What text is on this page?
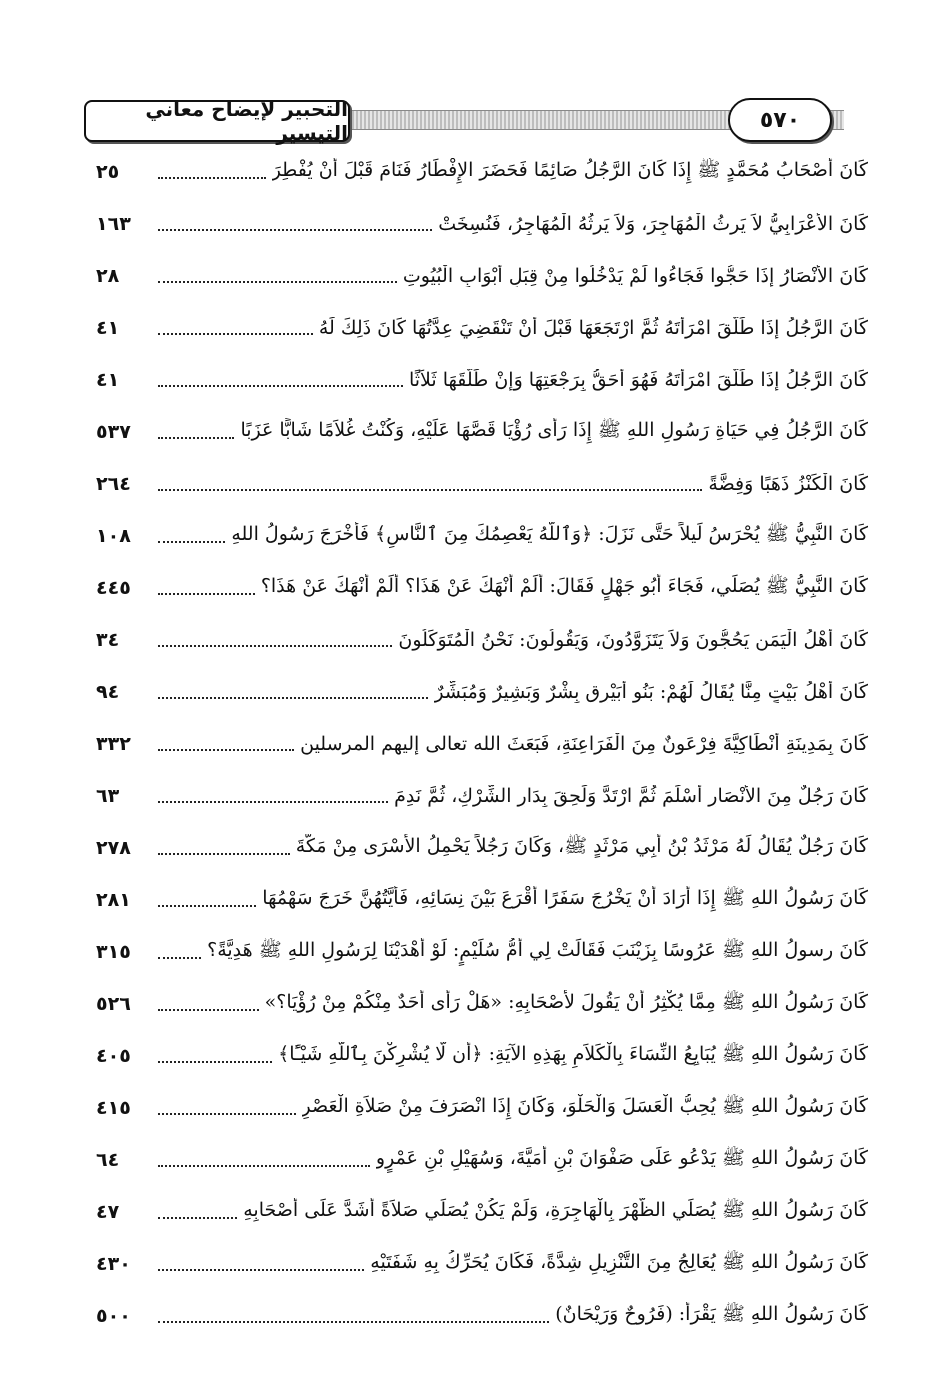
التحبير لإيضاح معاني التيسير
٥٧٠
٢٥	كَانَ أَصْحَابُ مُحَمَّدٍ ﷺ إِذَا كَانَ الرَّجُلُ صَائِمًا فَحَضَرَ الإِفْطَارُ فَنَامَ قَبْلَ أَنْ يُفْطِرَ
١٦٣	كَانَ الأَعْرَابِيُّ لاَ يَرِثُ الْمُهَاجِرَ، وَلاَ يَرِثُهُ الْمُهَاجِرُ، فَنُسِخَتْ
٢٨	كَانَ الأَنْصَارُ إِذَا حَجُّوا فَجَاءُوا لَمْ يَدْخُلُوا مِنْ قِبَلِ أَبْوَابِ الْبُيُوتِ
٤١	كَانَ الرَّجُلُ إِذَا طَلَّقَ امْرَأَتَهُ ثُمَّ ارْتَجَعَهَا قَبْلَ أَنْ تَنْقَضِيَ عِدَّتُهَا كَانَ ذَلِكَ لَهُ
٤١	كَانَ الرَّجُلُ إِذَا طَلَّقَ امْرَأَتَهُ فَهُوَ أَحَقُّ بِرَجْعَتِهَا وَإِنْ طَلَّقَهَا ثَلاَثًا
٥٣٧	كَانَ الرَّجُلُ فِي حَيَاةِ رَسُولِ اللهِ ﷺ إِذَا رَأَى رُؤْيَا قَصَّهَا عَلَيْهِ، وَكُنْتُ غُلاَمًا شَابًّا عَزَبًا
٢٦٤	كَانَ الْكَنْزُ ذَهَبًا وَفِضَّةً
١٠٨	كَانَ النَّبِيُّ ﷺ يُحْرَسُ لَيلاً حَتَّى نَزَلَ: ﴿وَٱللَّهُ يَعْصِمُكَ مِنَ ٱلنَّاسِ﴾ فَأَخْرَجَ رَسُولُ اللهِ
٤٤٥	كَانَ النَّبِيُّ ﷺ يُصَلِّي، فَجَاءَ أَبُو جَهْلٍ فَقَالَ: أَلَمْ أَنْهَكَ عَنْ هَذَا؟ أَلَمْ أَنْهَكَ عَنْ هَذَا؟
٣٤	كَانَ أَهْلُ الْيَمَنِ يَحُجُّونَ وَلاَ يَتَزَوَّدُونَ، وَيَقُولُونَ: نَحْنُ الْمُتَوَكِّلُونَ
٩٤	كَانَ أَهْلُ بَيْتٍ مِنَّا يُقَالُ لَهُمْ: بَنُو أُبَيْرِقٍ بِشْرٌ وَبَشِيرٌ وَمُبَشِّرٌ
٣٣٢	كَانَ بِمَدِينَةِ أَنْطَاكِيَّةَ فِرْعَونٌ مِنَ الْفَرَاعِنَةِ، فَبَعَثَ الله تعالى إليهم المرسلين
٦٣	كَانَ رَجُلٌ مِنَ الأَنْصَارِ أَسْلَمَ ثُمَّ ارْتَدَّ وَلَحِقَ بِدَارِ الشِّرْكِ، ثُمَّ نَدِمَ
٢٧٨	كَانَ رَجُلٌ يُقَالُ لَهُ مَرْثَدُ بْنُ أَبِي مَرْثَدٍ ﷺ، وَكَانَ رَجُلاً يَحْمِلُ الأَسْرَى مِنْ مَكَّةَ
٢٨١	كَانَ رَسُولُ اللهِ ﷺ إِذَا أَرَادَ أَنْ يَخْرُجَ سَفَرًا أَقْرَعَ بَيْنَ نِسَائِهِ، فَأَيَّتُهُنَّ خَرَجَ سَهْمُهَا
٣١٥	كَانَ رسولُ اللهِ ﷺ عَرُوسًا بِزَيْنَبَ فَقَالَتْ لِي أُمُّ سُلَيْمٍ: لَوْ أَهْدَيْنَا لِرَسُولِ اللهِ ﷺ هَدِيَّةً؟
٥٢٦	كَانَ رَسُولُ اللهِ ﷺ مِمَّا يُكْثِرُ أَنْ يَقُولَ لأَصْحَابِهِ: «هَلْ رَأَى أَحَدٌ مِنْكُمْ مِنْ رُؤْيَا؟»
٤٠٥	كَانَ رَسُولُ اللهِ ﷺ يُبَايِعُ النِّسَاءَ بِالْكَلاَمِ بِهَذِهِ الآيَةِ: ﴿أَن لَّا يُشْرِكْنَ بِٱللَّهِ شَيْـًٔا﴾
٤١٥	كَانَ رَسُولُ اللهِ ﷺ يُحِبُّ الْعَسَلَ وَالْحَلْوَ، وَكَانَ إِذَا انْصَرَفَ مِنْ صَلاَةِ الْعَصْرِ
٦٤	كَانَ رَسُولُ اللهِ ﷺ يَدْعُو عَلَى صَفْوَانَ بْنِ أُمَيَّةَ، وَسُهَيْلِ بْنِ عَمْرٍو
٤٧	كَانَ رَسُولُ اللهِ ﷺ يُصَلِّي الظُّهْرَ بِالْهَاجِرَةِ، وَلَمْ يَكُنْ يُصَلِّي صَلاَةً أَشَدَّ عَلَى أَصْحَابِهِ
٤٣٠	كَانَ رَسُولُ اللهِ ﷺ يُعَالِجُ مِنَ التَّنْزِيلِ شِدَّةً، فَكَانَ يُحَرِّكُ بِهِ شَفَتَيْهِ
٥٠٠	كَانَ رَسُولُ اللهِ ﷺ يَقْرَأُ: (فَرُوحٌ وَرَيْحَانٌ)
